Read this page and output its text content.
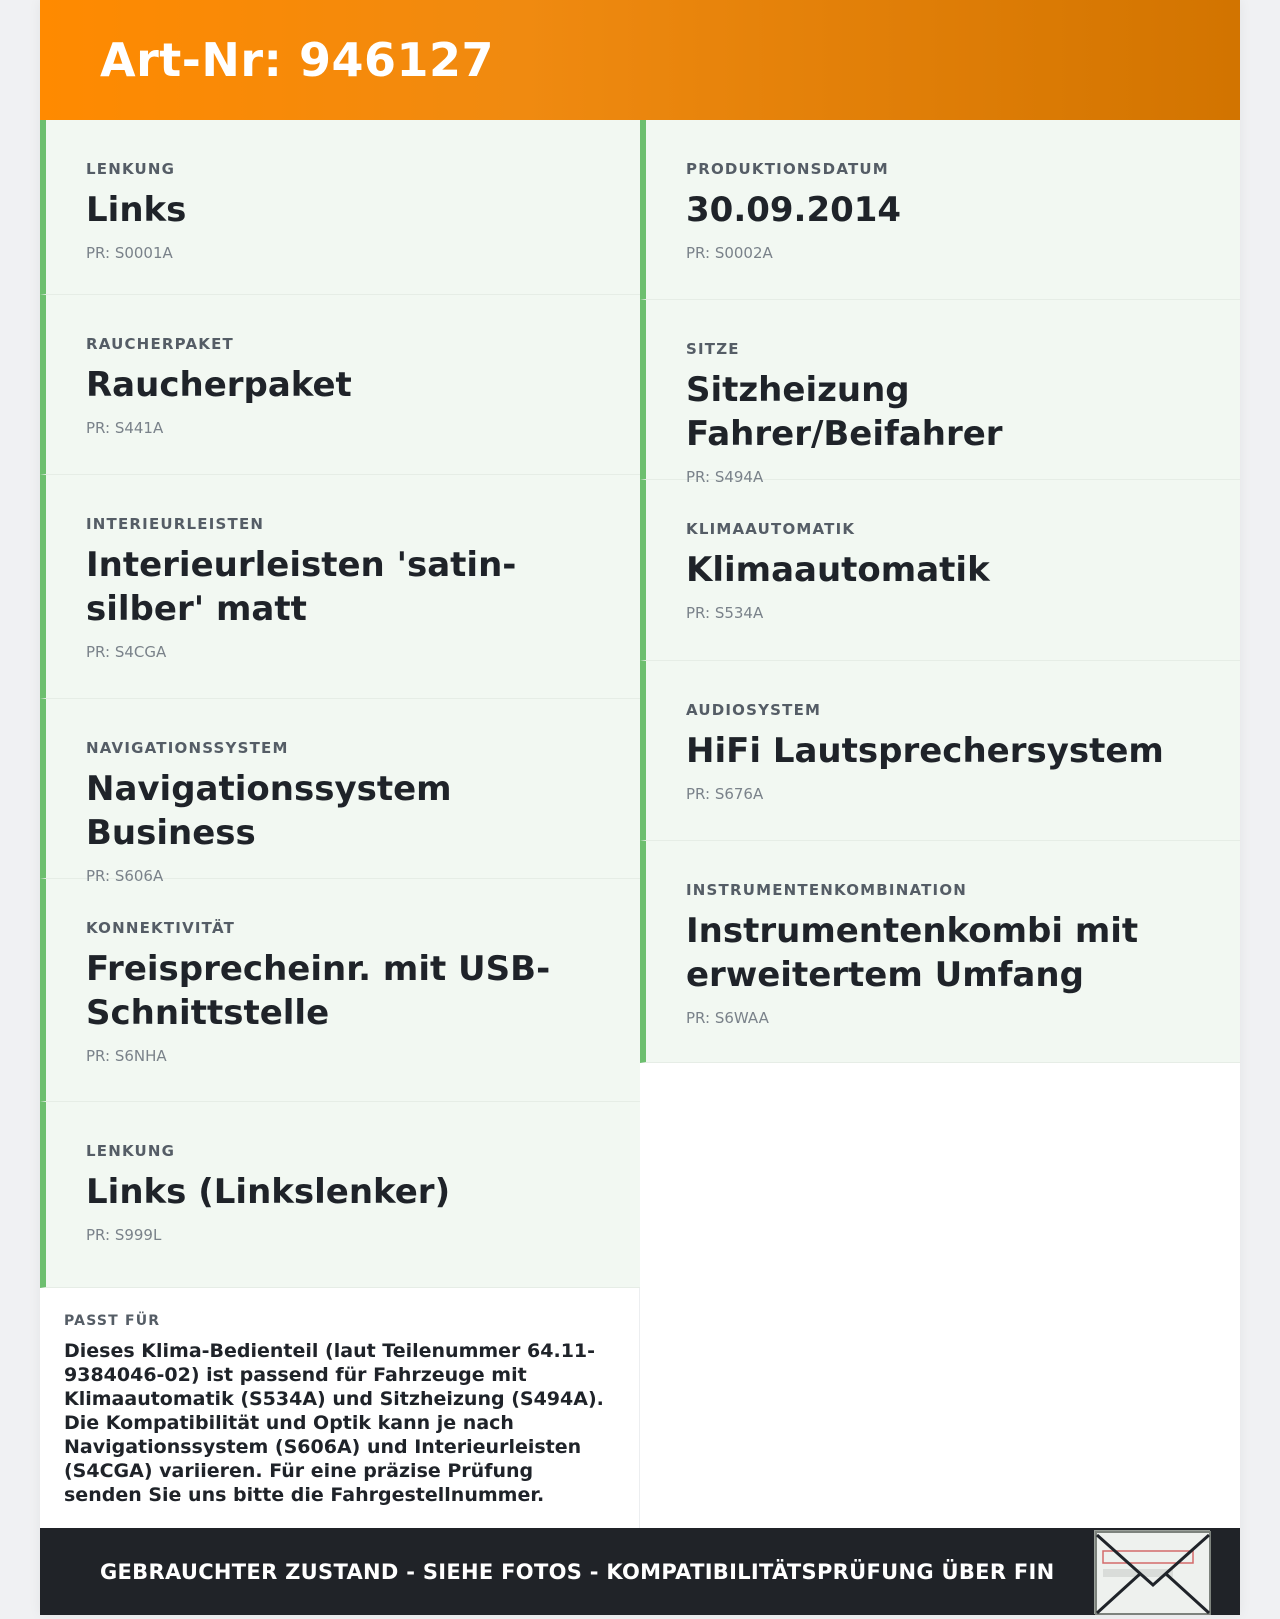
Art-Nr: 946127
LENKUNG
Links
PR: S0001A
RAUCHERPAKET
Raucherpaket
PR: S441A
INTERIEURLEISTEN
Interieurleisten 'satin-silber' matt
PR: S4CGA
NAVIGATIONSSYSTEM
Navigationssystem Business
PR: S606A
KONNEKTIVITÄT
Freisprecheinr. mit USB-Schnittstelle
PR: S6NHA
LENKUNG
Links (Linkslenker)
PR: S999L
PRODUKTIONSDATUM
30.09.2014
PR: S0002A
SITZE
Sitzheizung Fahrer/Beifahrer
PR: S494A
KLIMAAUTOMATIK
Klimaautomatik
PR: S534A
AUDIOSYSTEM
HiFi Lautsprechersystem
PR: S676A
INSTRUMENTENKOMBINATION
Instrumentenkombi mit erweitertem Umfang
PR: S6WAA
PASST FÜR
Dieses Klima-Bedienteil (laut Teilenummer 64.11-9384046-02) ist passend für Fahrzeuge mit Klimaautomatik (S534A) und Sitzheizung (S494A). Die Kompatibilität und Optik kann je nach Navigationssystem (S606A) und Interieurleisten (S4CGA) variieren. Für eine präzise Prüfung senden Sie uns bitte die Fahrgestellnummer.
GEBRAUCHTER ZUSTAND - SIEHE FOTOS - KOMPATIBILITÄTSPRÜFUNG ÜBER FIN
